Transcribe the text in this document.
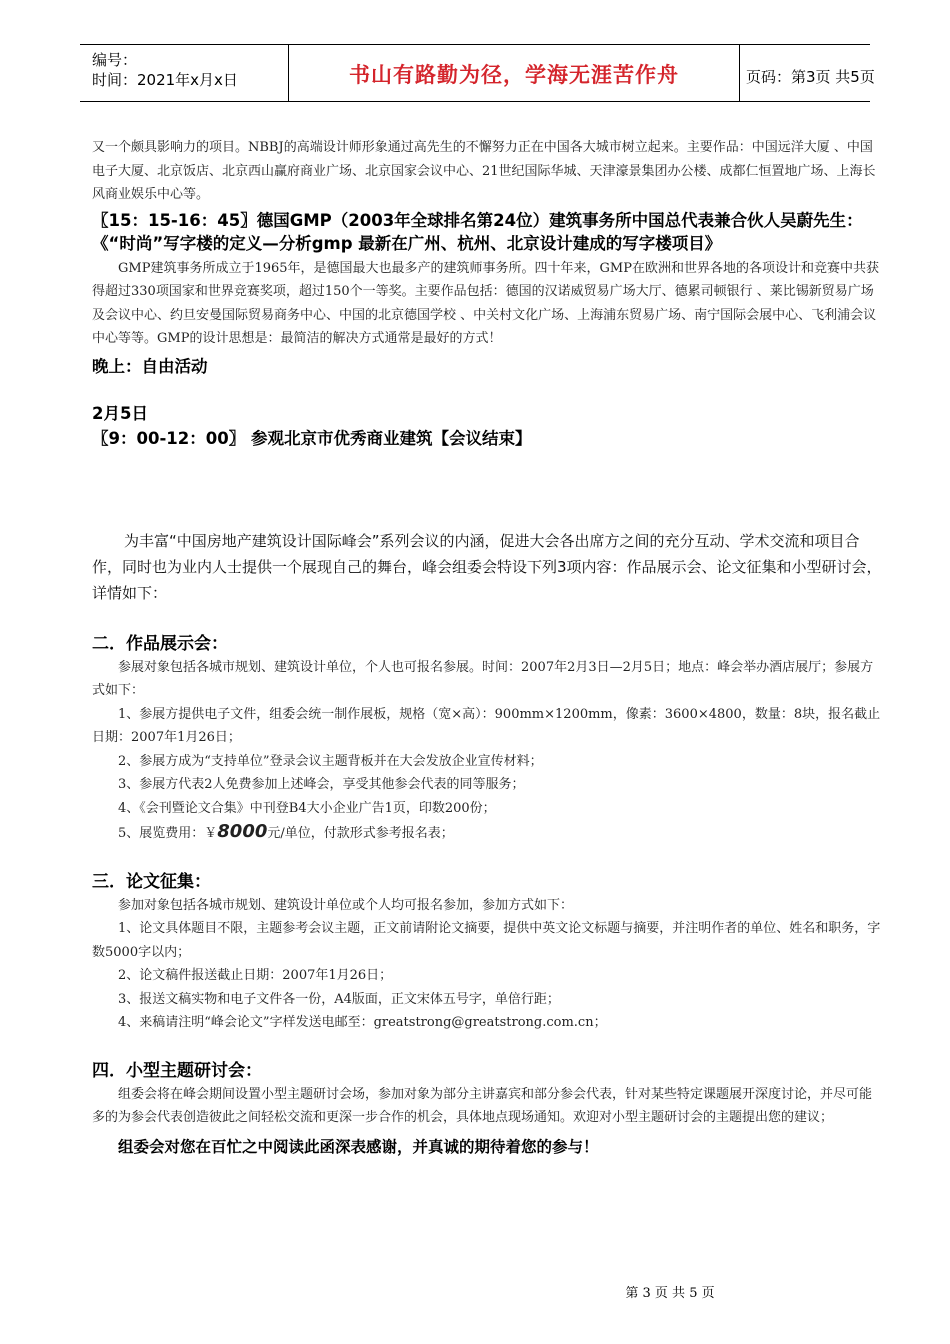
编号：
时间：2021年x月x日	书山有路勤为径，学海无涯苦作舟	页码：第3页 共5页

又一个颇具影响力的项目。NBBJ的高端设计师形象通过高先生的不懈努力正在中国各大城市树立起来。主要作品：中国远洋大厦 、中国电子大厦、北京饭店、北京西山赢府商业广场、北京国家会议中心、21世纪国际华城、天津濠景集团办公楼、成都仁恒置地广场、上海长风商业娱乐中心等。

〖15：15-16：45〗德国GMP（2003年全球排名第24位）建筑事务所中国总代表兼合伙人吴蔚先生：《“时尚”写字楼的定义—分析gmp 最新在广州、杭州、北京设计建成的写字楼项目》

GMP建筑事务所成立于1965年，是德国最大也最多产的建筑师事务所。四十年来，GMP在欧洲和世界各地的各项设计和竞赛中共获得超过330项国家和世界竞赛奖项，超过150个一等奖。主要作品包括：德国的汉诺威贸易广场大厅、德累司顿银行 、莱比锡新贸易广场及会议中心、约旦安曼国际贸易商务中心、中国的北京德国学校 、中关村文化广场、上海浦东贸易广场、南宁国际会展中心、飞利浦会议中心等等。GMP的设计思想是：最简洁的解决方式通常是最好的方式！

晚上：自由活动

2月5日

〖9：00-12：00〗 参观北京市优秀商业建筑【会议结束】

为丰富“中国房地产建筑设计国际峰会”系列会议的内涵，促进大会各出席方之间的充分互动、学术交流和项目合作，同时也为业内人士提供一个展现自己的舞台，峰会组委会特设下列3项内容：作品展示会、论文征集和小型研讨会，详情如下：

二．作品展示会：

参展对象包括各城市规划、建筑设计单位，个人也可报名参展。时间：2007年2月3日—2月5日；地点：峰会举办酒店展厅；参展方式如下：

1、参展方提供电子文件，组委会统一制作展板，规格（宽×高）：900mm×1200mm，像素：3600×4800，数量：8块，报名截止日期：2007年1月26日；

2、参展方成为“支持单位”登录会议主题背板并在大会发放企业宣传材料；

3、参展方代表2人免费参加上述峰会，享受其他参会代表的同等服务；

4、《会刊暨论文合集》中刊登B4大小企业广告1页，印数200份；

5、展览费用：￥8000元/单位，付款形式参考报名表；

三．论文征集：

参加对象包括各城市规划、建筑设计单位或个人均可报名参加，参加方式如下：

1、论文具体题目不限，主题参考会议主题，正文前请附论文摘要，提供中英文论文标题与摘要，并注明作者的单位、姓名和职务，字数5000字以内；

2、论文稿件报送截止日期：2007年1月26日；

3、报送文稿实物和电子文件各一份，A4版面，正文宋体五号字，单倍行距；

4、来稿请注明“峰会论文”字样发送电邮至：greatstrong@greatstrong.com.cn；

四．小型主题研讨会：

组委会将在峰会期间设置小型主题研讨会场，参加对象为部分主讲嘉宾和部分参会代表，针对某些特定课题展开深度讨论，并尽可能多的为参会代表创造彼此之间轻松交流和更深一步合作的机会，具体地点现场通知。欢迎对小型主题研讨会的主题提出您的建议；

组委会对您在百忙之中阅读此函深表感谢，并真诚的期待着您的参与！

第 3 页 共 5 页
